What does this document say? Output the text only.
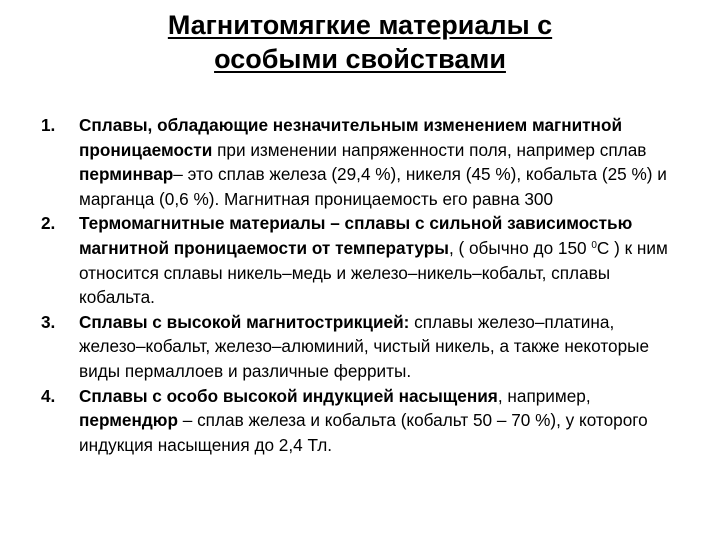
Магнитомягкие материалы с
особыми свойствами
1. Сплавы, обладающие незначительным изменением магнитной проницаемости при изменении напряженности поля, например сплав перминвар– это сплав железа (29,4 %), никеля (45 %), кобальта (25 %) и марганца (0,6 %). Магнитная проницаемость его равна 300
2. Термомагнитные материалы – сплавы с сильной зависимостью магнитной проницаемости от температуры, ( обычно до 150 $^0$С ) к ним относится сплавы никель–медь и железо–никель–кобальт, сплавы кобальта.
3. Сплавы с высокой магнитострикцией: сплавы железо–платина, железо–кобальт, железо–алюминий, чистый никель, а также некоторые виды пермаллоев и различные ферриты.
4. Сплавы с особо высокой индукцией насыщения, например, пермендюр – сплав железа и кобальта (кобальт 50 – 70 %), у которого индукция насыщения до 2,4 Тл.
